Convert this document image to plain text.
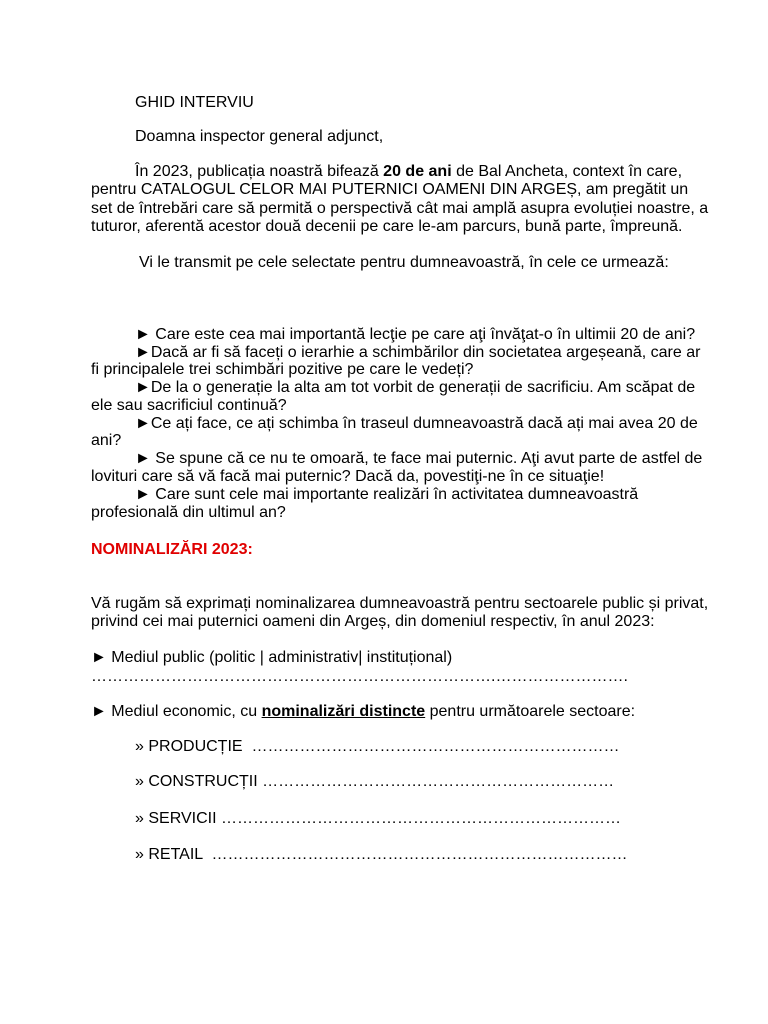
GHID INTERVIU
Doamna inspector general adjunct,
În 2023, publicația noastră bifează 20 de ani de Bal Ancheta, context în care,
pentru CATALOGUL CELOR MAI PUTERNICI OAMENI DIN ARGEȘ, am pregătit un
set de întrebări care să permită o perspectivă cât mai amplă asupra evoluției noastre, a
tuturor, aferentă acestor două decenii pe care le-am parcurs, bună parte, împreună.
Vi le transmit pe cele selectate pentru dumneavoastră, în cele ce urmează:
► Care este cea mai importantă lecţie pe care aţi învăţat-o în ultimii 20 de ani?
►Dacă ar fi să faceți o ierarhie a schimbărilor din societatea argeșeană, care ar
fi principalele trei schimbări pozitive pe care le vedeți?
►De la o generație la alta am tot vorbit de generații de sacrificiu. Am scăpat de
ele sau sacrificiul continuă?
►Ce ați face, ce ați schimba în traseul dumneavoastră dacă ați mai avea 20 de
ani?
► Se spune că ce nu te omoară, te face mai puternic. Aţi avut parte de astfel de
lovituri care să vă facă mai puternic? Dacă da, povestiţi-ne în ce situaţie!
► Care sunt cele mai importante realizări în activitatea dumneavoastră
profesională din ultimul an?
NOMINALIZĂRI 2023:
Vă rugăm să exprimați nominalizarea dumneavoastră pentru sectoarele public și privat,
privind cei mai puternici oameni din Argeș, din domeniul respectiv, în anul 2023:
► Mediul public (politic | administrativ| instituțional)
………………………………………………………………….…………………….
► Mediul economic, cu nominalizări distincte pentru următoarele sectoare:
» PRODUCȚIE  ……………………………………………………………
» CONSTRUCȚII …………………………………………………………
» SERVICII …………………………………………………………………
» RETAIL  ……………………………………………………………………
